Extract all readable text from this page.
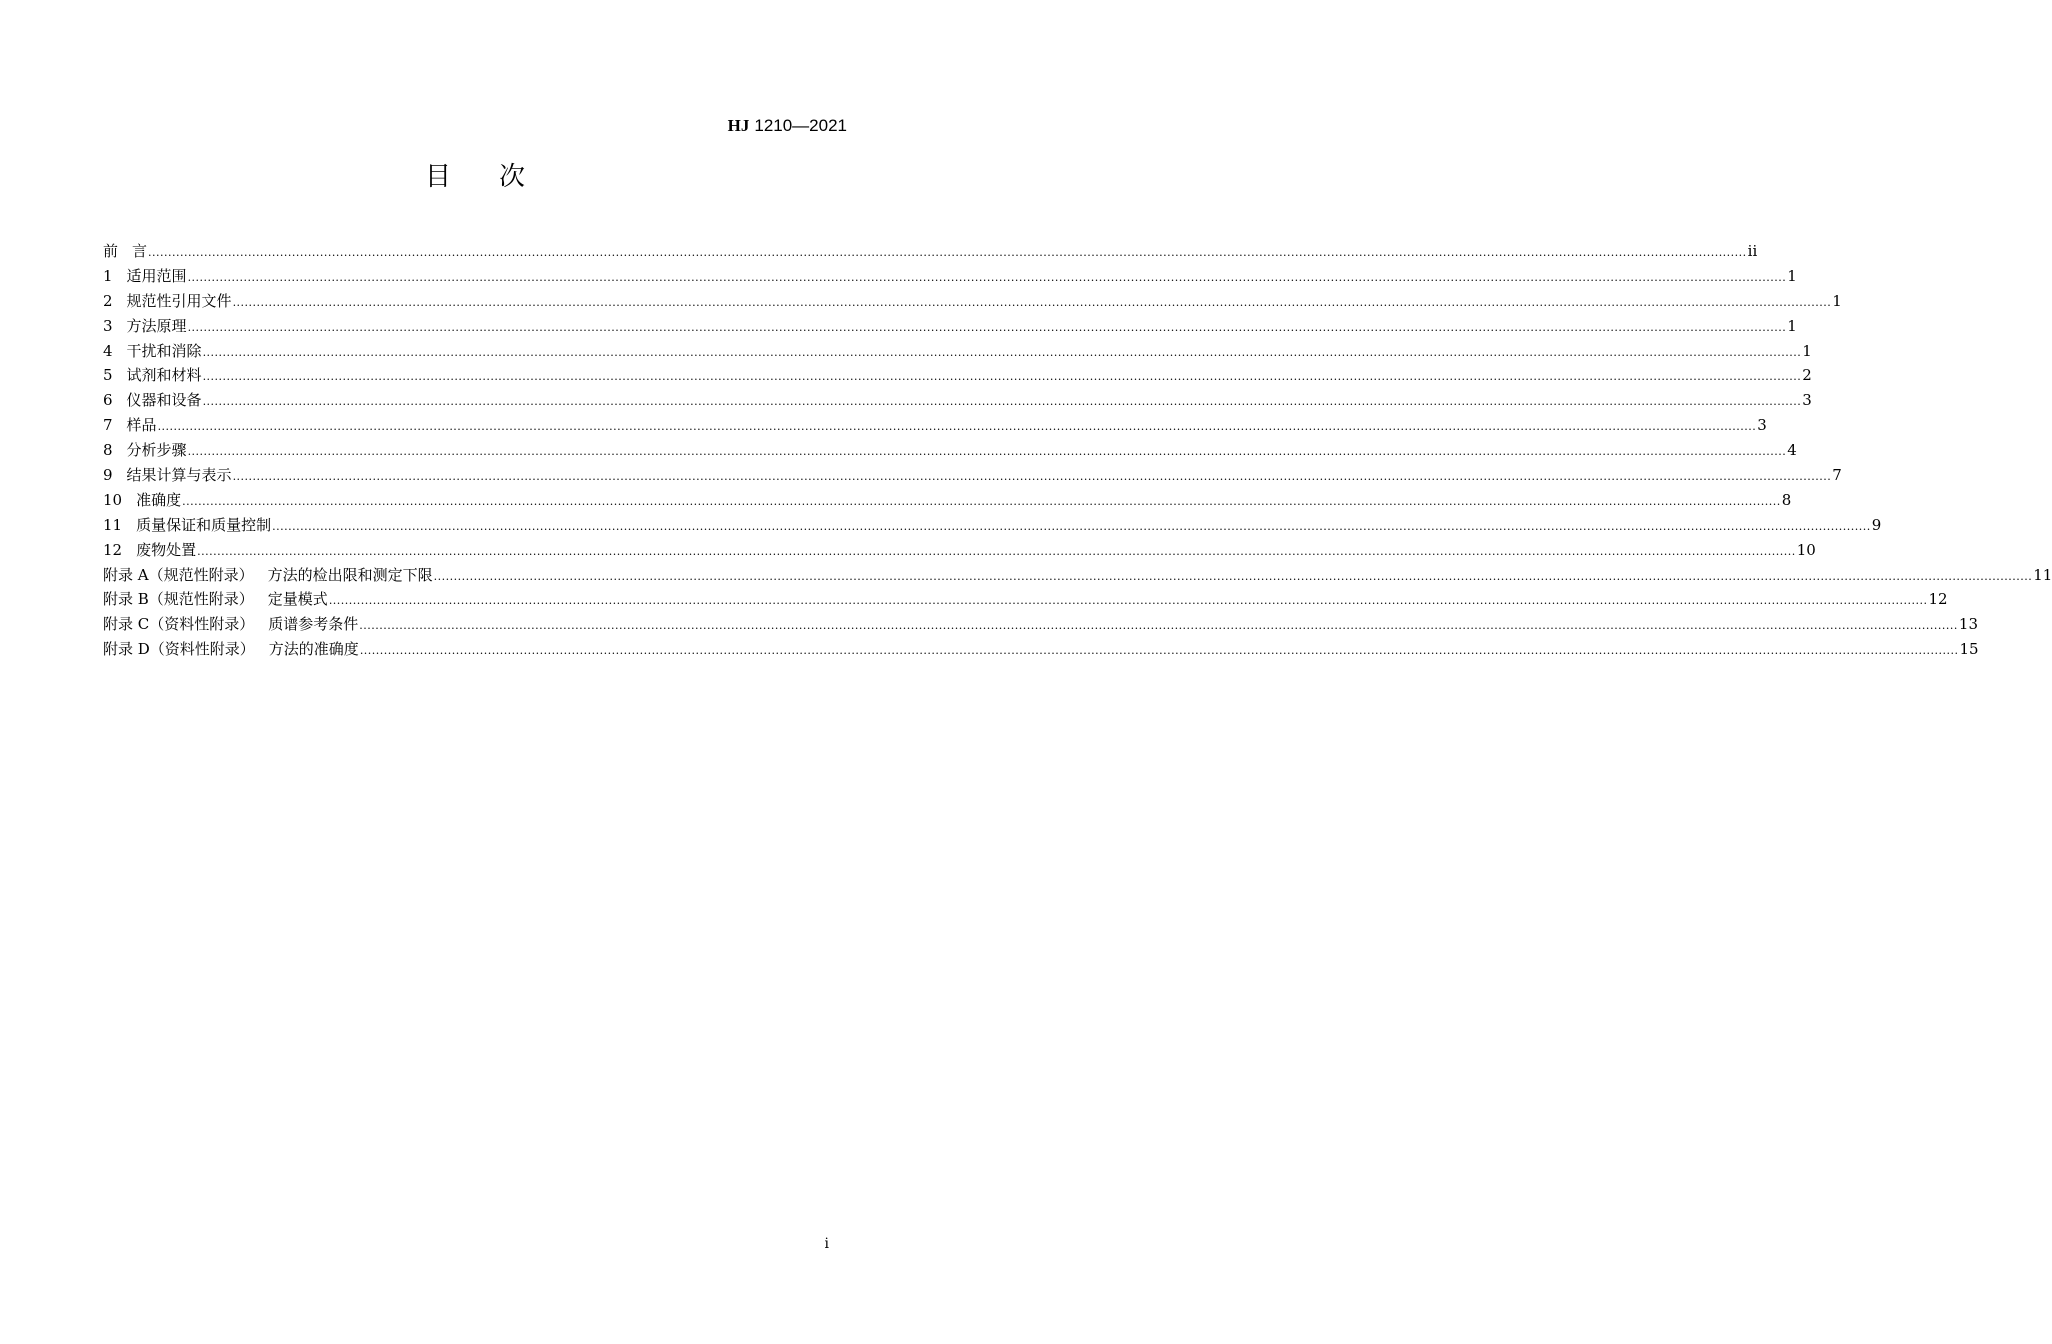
HJ 1210—2021
目次
前 言 ................................................................................................................................................................................................................................................................................................................................................................................................................ ii
1 适用范围 ................................................................................................................................................................................................................................................................................................................................................................................................................ 1
2 规范性引用文件 ................................................................................................................................................................................................................................................................................................................................................................................................................ 1
3 方法原理 ................................................................................................................................................................................................................................................................................................................................................................................................................ 1
4 干扰和消除 ................................................................................................................................................................................................................................................................................................................................................................................................................ 1
5 试剂和材料 ................................................................................................................................................................................................................................................................................................................................................................................................................ 2
6 仪器和设备 ................................................................................................................................................................................................................................................................................................................................................................................................................ 3
7 样品 ................................................................................................................................................................................................................................................................................................................................................................................................................ 3
8 分析步骤 ................................................................................................................................................................................................................................................................................................................................................................................................................ 4
9 结果计算与表示 ................................................................................................................................................................................................................................................................................................................................................................................................................ 7
10 准确度 ................................................................................................................................................................................................................................................................................................................................................................................................................ 8
11 质量保证和质量控制 ................................................................................................................................................................................................................................................................................................................................................................................................................ 9
12 废物处置 ................................................................................................................................................................................................................................................................................................................................................................................................................ 10
附录 A（规范性附录） 方法的检出限和测定下限 ................................................................................................................................................................................................................................................................................................................................................................................................................ 11
附录 B（规范性附录） 定量模式 ................................................................................................................................................................................................................................................................................................................................................................................................................ 12
附录 C（资料性附录） 质谱参考条件 ................................................................................................................................................................................................................................................................................................................................................................................................................ 13
附录 D（资料性附录） 方法的准确度 ................................................................................................................................................................................................................................................................................................................................................................................................................ 15
i
